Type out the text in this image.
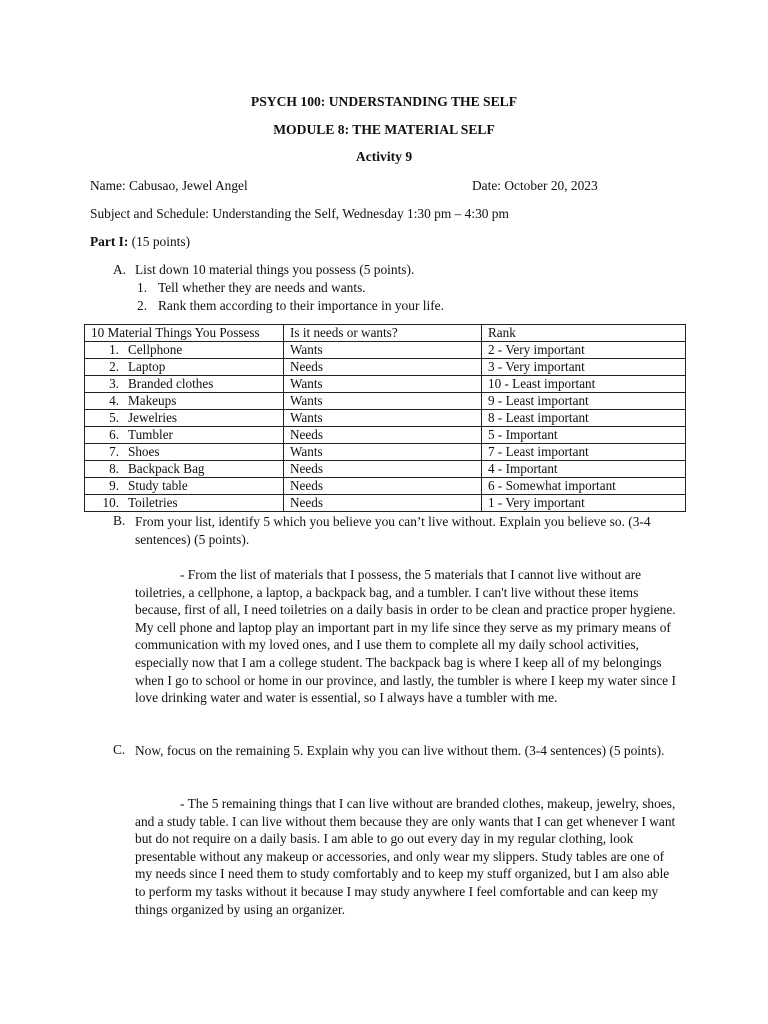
PSYCH 100: UNDERSTANDING THE SELF
MODULE 8: THE MATERIAL SELF
Activity 9
Name: Cabusao, Jewel Angel	Date: October 20, 2023
Subject and Schedule: Understanding the Self, Wednesday 1:30 pm – 4:30 pm
Part I: (15 points)
A. List down 10 material things you possess (5 points).
1. Tell whether they are needs and wants.
2. Rank them according to their importance in your life.
10 Material Things You Possess	Is it needs or wants?	Rank
1. Cellphone	Wants	2 - Very important
2. Laptop	Needs	3 - Very important
3. Branded clothes	Wants	10 - Least important
4. Makeups	Wants	9 - Least important
5. Jewelries	Wants	8 - Least important
6. Tumbler	Needs	5 - Important
7. Shoes	Wants	7 - Least important
8. Backpack Bag	Needs	4 - Important
9. Study table	Needs	6 - Somewhat important
10. Toiletries	Needs	1 - Very important
B. From your list, identify 5 which you believe you can’t live without. Explain you believe so. (3-4 sentences) (5 points).
- From the list of materials that I possess, the 5 materials that I cannot live without are toiletries, a cellphone, a laptop, a backpack bag, and a tumbler. I can't live without these items because, first of all, I need toiletries on a daily basis in order to be clean and practice proper hygiene. My cell phone and laptop play an important part in my life since they serve as my primary means of communication with my loved ones, and I use them to complete all my daily school activities, especially now that I am a college student. The backpack bag is where I keep all of my belongings when I go to school or home in our province, and lastly, the tumbler is where I keep my water since I love drinking water and water is essential, so I always have a tumbler with me.
C. Now, focus on the remaining 5. Explain why you can live without them. (3-4 sentences) (5 points).
- The 5 remaining things that I can live without are branded clothes, makeup, jewelry, shoes, and a study table. I can live without them because they are only wants that I can get whenever I want but do not require on a daily basis. I am able to go out every day in my regular clothing, look presentable without any makeup or accessories, and only wear my slippers. Study tables are one of my needs since I need them to study comfortably and to keep my stuff organized, but I am also able to perform my tasks without it because I may study anywhere I feel comfortable and can keep my things organized by using an organizer.
